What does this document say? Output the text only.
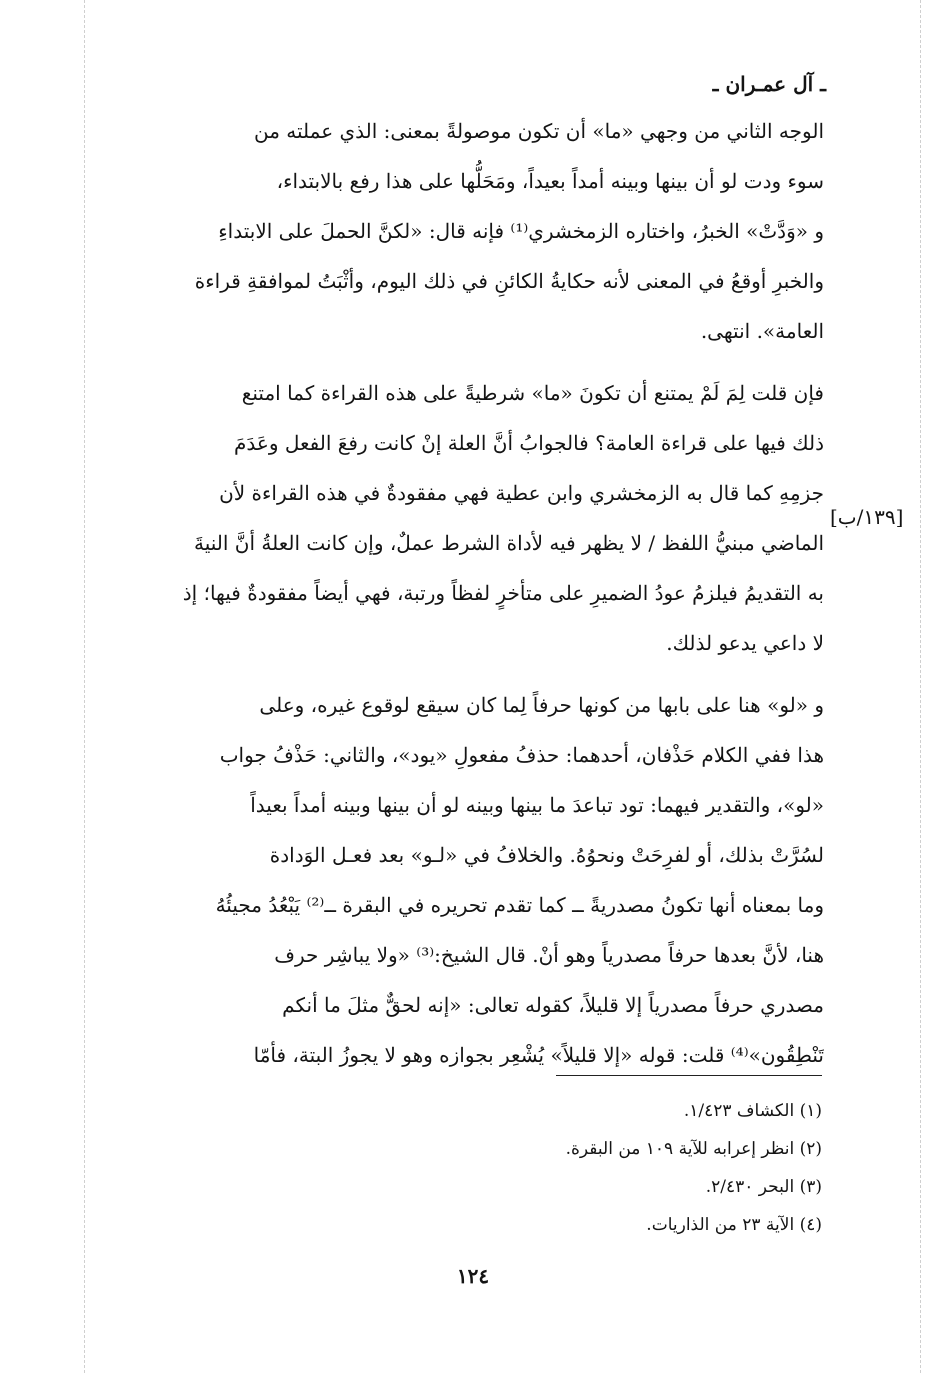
ـ آل عمـران ـ
[١٣٩/ب]

الوجه الثاني من وجهي «ما» أن تكون موصولةً بمعنى: الذي عملته من

سوء ودت لو أن بينها وبينه أمداً بعيداً، ومَحَلُّها على هذا رفع بالابتداء،

و «وَدَّتْ» الخبرُ، واختاره الزمخشري⁽¹⁾ فإنه قال: «لكنَّ الحملَ على الابتداءِ

والخبرِ أوقعُ في المعنى لأنه حكايةُ الكائنِ في ذلك اليوم، وأثْبَتُ لموافقةِ قراءة

العامة». انتهى.

فإن قلت لِمَ لَمْ يمتنع أن تكونَ «ما» شرطيةً على هذه القراءة كما امتنع

ذلك فيها على قراءة العامة؟ فالجوابُ أنَّ العلة إنْ كانت رفعَ الفعل وعَدَمَ

جزمِهِ كما قال به الزمخشري وابن عطية فهي مفقودةٌ في هذه القراءة لأن

الماضي مبنيُّ اللفظ / لا يظهر فيه لأداة الشرط عملٌ، وإن كانت العلةُ أنَّ النيةَ

به التقديمُ فيلزمُ عودُ الضميرِ على متأخرٍ لفظاً ورتبة، فهي أيضاً مفقودةٌ فيها؛ إذ

لا داعي يدعو لذلك.

و «لو» هنا على بابها من كونها حرفاً لِما كان سيقع لوقوع غيره، وعلى

هذا ففي الكلام حَذْفان، أحدهما: حذفُ مفعولِ «يود»، والثاني: حَذْفُ جواب

«لو»، والتقدير فيهما: تود تباعدَ ما بينها وبينه لو أن بينها وبينه أمداً بعيداً

لسُرَّتْ بذلك، أو لفرِحَتْ ونحوُهُ. والخلافُ في «لـو» بعد فعـل الوَدادة

وما بمعناه أنها تكونُ مصدريةً ــ كما تقدم تحريره في البقرة ــ⁽²⁾ يَبْعُدُ مجيئُهُ

هنا، لأنَّ بعدها حرفاً مصدرياً وهو أنْ. قال الشيخ:⁽³⁾ «ولا يباشِر حرف

مصدري حرفاً مصدرياً إلا قليلاً، كقوله تعالى: «إنه لحقٌّ مثلَ ما أنكم

تَنْطِقُون»⁽⁴⁾ قلت: قوله «إلا قليلاً» يُشْعِر بجوازه وهو لا يجوزُ البتة، فأمّا

(١) الكشاف ١/٤٢٣.

(٢) انظر إعرابه للآية ١٠٩ من البقرة.

(٣) البحر ٢/٤٣٠.

(٤) الآية ٢٣ من الذاريات.

١٢٤
